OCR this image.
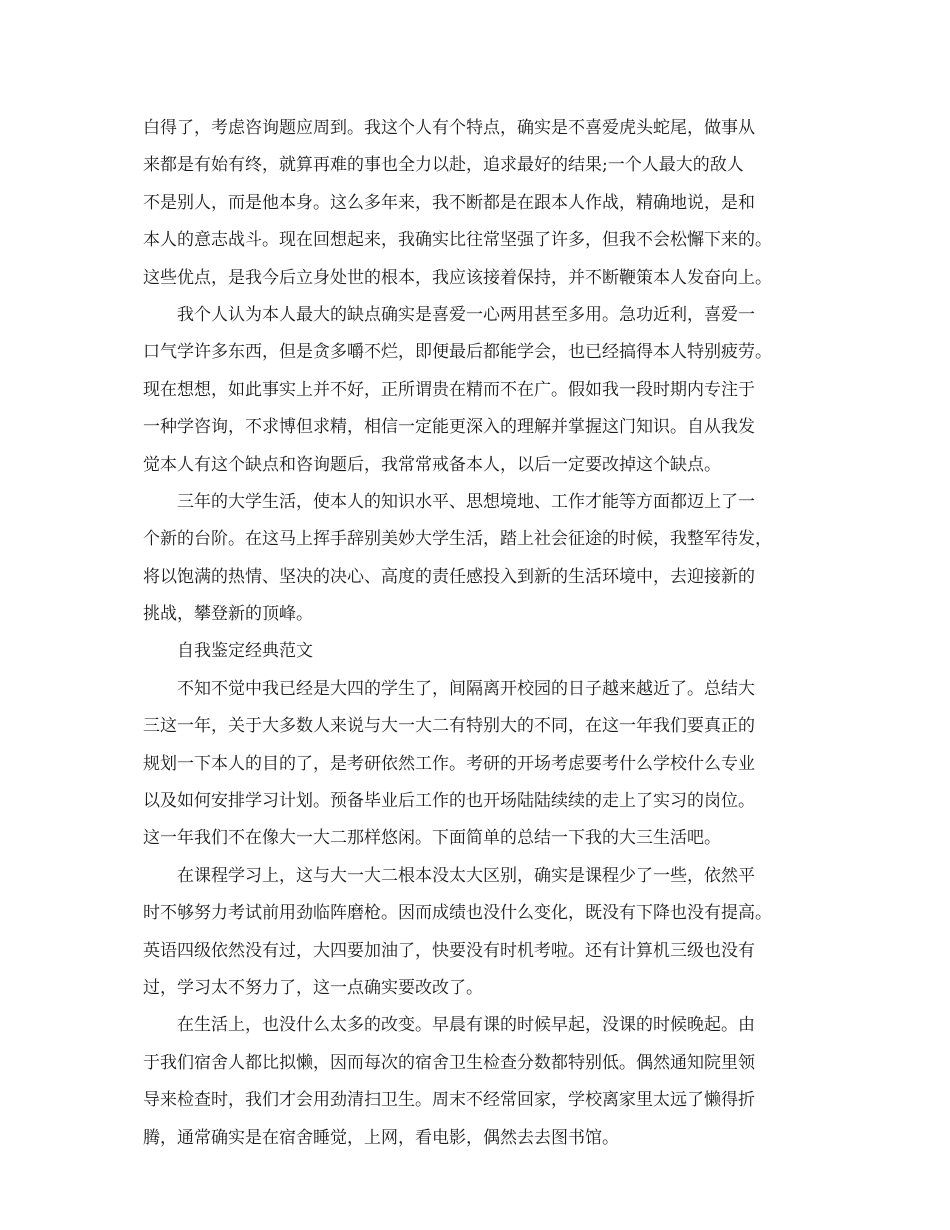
白得了，考虑咨询题应周到。我这个人有个特点，确实是不喜爱虎头蛇尾，做事从
来都是有始有终，就算再难的事也全力以赴，追求最好的结果;一个人最大的敌人
不是别人，而是他本身。这么多年来，我不断都是在跟本人作战，精确地说，是和
本人的意志战斗。现在回想起来，我确实比往常坚强了许多，但我不会松懈下来的。
这些优点，是我今后立身处世的根本，我应该接着保持，并不断鞭策本人发奋向上。
我个人认为本人最大的缺点确实是喜爱一心两用甚至多用。急功近利，喜爱一
口气学许多东西，但是贪多嚼不烂，即便最后都能学会，也已经搞得本人特别疲劳。
现在想想，如此事实上并不好，正所谓贵在精而不在广。假如我一段时期内专注于
一种学咨询，不求博但求精，相信一定能更深入的理解并掌握这门知识。自从我发
觉本人有这个缺点和咨询题后，我常常戒备本人，以后一定要改掉这个缺点。
三年的大学生活，使本人的知识水平、思想境地、工作才能等方面都迈上了一
个新的台阶。在这马上挥手辞别美妙大学生活，踏上社会征途的时候，我整军待发，
将以饱满的热情、坚决的决心、高度的责任感投入到新的生活环境中，去迎接新的
挑战，攀登新的顶峰。
自我鉴定经典范文
不知不觉中我已经是大四的学生了，间隔离开校园的日子越来越近了。总结大
三这一年，关于大多数人来说与大一大二有特别大的不同，在这一年我们要真正的
规划一下本人的目的了，是考研依然工作。考研的开场考虑要考什么学校什么专业
以及如何安排学习计划。预备毕业后工作的也开场陆陆续续的走上了实习的岗位。
这一年我们不在像大一大二那样悠闲。下面简单的总结一下我的大三生活吧。
在课程学习上，这与大一大二根本没太大区别，确实是课程少了一些，依然平
时不够努力考试前用劲临阵磨枪。因而成绩也没什么变化，既没有下降也没有提高。
英语四级依然没有过，大四要加油了，快要没有时机考啦。还有计算机三级也没有
过，学习太不努力了，这一点确实要改改了。
在生活上，也没什么太多的改变。早晨有课的时候早起，没课的时候晚起。由
于我们宿舍人都比拟懒，因而每次的宿舍卫生检查分数都特别低。偶然通知院里领
导来检查时，我们才会用劲清扫卫生。周末不经常回家，学校离家里太远了懒得折
腾，通常确实是在宿舍睡觉，上网，看电影，偶然去去图书馆。
